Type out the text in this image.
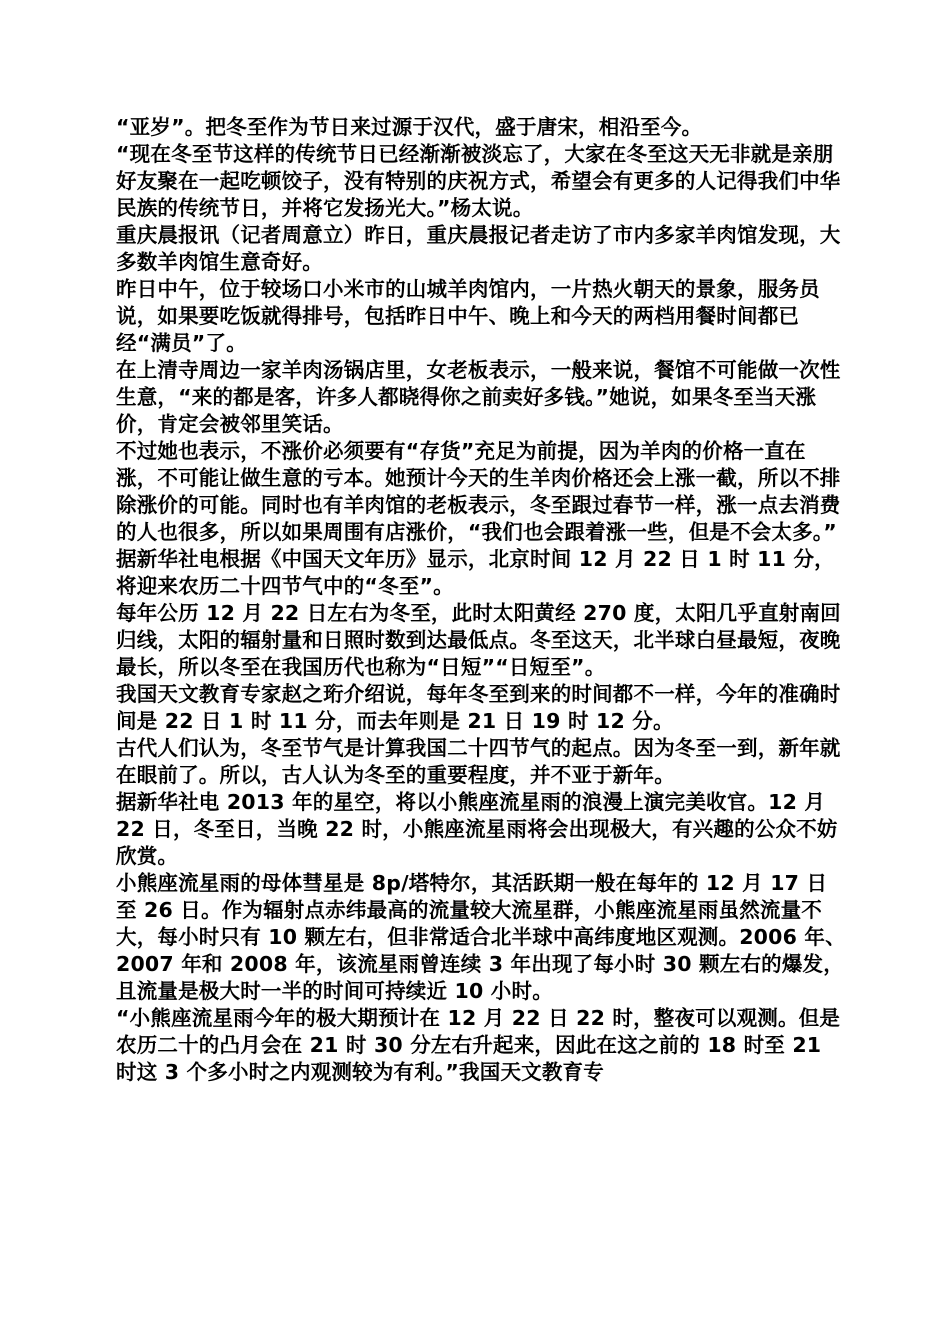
“亚岁”。把冬至作为节日来过源于汉代，盛于唐宋，相沿至今。

“现在冬至节这样的传统节日已经渐渐被淡忘了，大家在冬至这天无非就是亲朋好友聚在一起吃顿饺子，没有特别的庆祝方式，希望会有更多的人记得我们中华民族的传统节日，并将它发扬光大。”杨太说。

重庆晨报讯（记者周意立）昨日，重庆晨报记者走访了市内多家羊肉馆发现，大多数羊肉馆生意奇好。

昨日中午，位于较场口小米市的山城羊肉馆内，一片热火朝天的景象，服务员说，如果要吃饭就得排号，包括昨日中午、晚上和今天的两档用餐时间都已经“满员”了。

在上清寺周边一家羊肉汤锅店里，女老板表示，一般来说，餐馆不可能做一次性生意，“来的都是客，许多人都晓得你之前卖好多钱。”她说，如果冬至当天涨价，肯定会被邻里笑话。

不过她也表示，不涨价必须要有“存货”充足为前提，因为羊肉的价格一直在涨，不可能让做生意的亏本。她预计今天的生羊肉价格还会上涨一截，所以不排除涨价的可能。同时也有羊肉馆的老板表示，冬至跟过春节一样，涨一点去消费的人也很多，所以如果周围有店涨价，“我们也会跟着涨一些，但是不会太多。”

据新华社电根据《中国天文年历》显示，北京时间 12 月 22 日 1 时 11 分，将迎来农历二十四节气中的“冬至”。

每年公历 12 月 22 日左右为冬至，此时太阳黄经 270 度，太阳几乎直射南回归线，太阳的辐射量和日照时数到达最低点。冬至这天，北半球白昼最短，夜晚最长，所以冬至在我国历代也称为“日短”“日短至”。

我国天文教育专家赵之珩介绍说，每年冬至到来的时间都不一样，今年的准确时间是 22 日 1 时 11 分，而去年则是 21 日 19 时 12 分。

古代人们认为，冬至节气是计算我国二十四节气的起点。因为冬至一到，新年就在眼前了。所以，古人认为冬至的重要程度，并不亚于新年。

据新华社电 2013 年的星空，将以小熊座流星雨的浪漫上演完美收官。12 月 22 日，冬至日，当晚 22 时，小熊座流星雨将会出现极大，有兴趣的公众不妨欣赏。

小熊座流星雨的母体彗星是 8p/塔特尔，其活跃期一般在每年的 12 月 17 日至 26 日。作为辐射点赤纬最高的流量较大流星群，小熊座流星雨虽然流量不大，每小时只有 10 颗左右，但非常适合北半球中高纬度地区观测。2006 年、2007 年和 2008 年，该流星雨曾连续 3 年出现了每小时 30 颗左右的爆发，且流量是极大时一半的时间可持续近 10 小时。

“小熊座流星雨今年的极大期预计在 12 月 22 日 22 时，整夜可以观测。但是农历二十的凸月会在 21 时 30 分左右升起来，因此在这之前的 18 时至 21 时这 3 个多小时之内观测较为有利。”我国天文教育专
